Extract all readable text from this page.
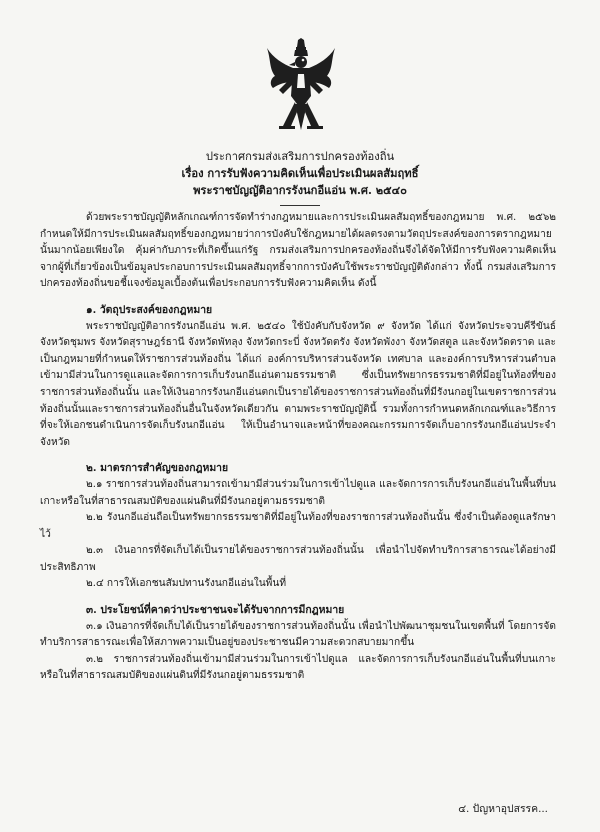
ประกาศกรมส่งเสริมการปกครองท้องถิ่น
เรื่อง การรับฟังความคิดเห็นเพื่อประเมินผลสัมฤทธิ์
พระราชบัญญัติอากรรังนกอีแอ่น พ.ศ. ๒๕๔๐

ด้วยพระราชบัญญัติหลักเกณฑ์การจัดทำร่างกฎหมายและการประเมินผลสัมฤทธิ์ของกฎหมาย พ.ศ. ๒๕๖๒ กำหนดให้มีการประเมินผลสัมฤทธิ์ของกฎหมายว่าการบังคับใช้กฎหมายได้ผลตรงตามวัตถุประสงค์ของการตรากฎหมายนั้นมากน้อยเพียงใด คุ้มค่ากับภาระที่เกิดขึ้นแก่รัฐ กรมส่งเสริมการปกครองท้องถิ่นจึงได้จัดให้มีการรับฟังความคิดเห็นจากผู้ที่เกี่ยวข้องเป็นข้อมูลประกอบการประเมินผลสัมฤทธิ์จากการบังคับใช้พระราชบัญญัติดังกล่าว ทั้งนี้ กรมส่งเสริมการปกครองท้องถิ่นขอชี้แจงข้อมูลเบื้องต้นเพื่อประกอบการรับฟังความคิดเห็น ดังนี้

๑. วัตถุประสงค์ของกฎหมาย

พระราชบัญญัติอากรรังนกอีแอ่น พ.ศ. ๒๕๔๐ ใช้บังคับกับจังหวัด ๙ จังหวัด ได้แก่ จังหวัดประจวบคีรีขันธ์ จังหวัดชุมพร จังหวัดสุราษฎร์ธานี จังหวัดพัทลุง จังหวัดกระบี่ จังหวัดตรัง จังหวัดพังงา จังหวัดสตูล และจังหวัดตราด และเป็นกฎหมายที่กำหนดให้ราชการส่วนท้องถิ่น ได้แก่ องค์การบริหารส่วนจังหวัด เทศบาล และองค์การบริหารส่วนตำบล เข้ามามีส่วนในการดูแลและจัดการการเก็บรังนกอีแอ่นตามธรรมชาติ ซึ่งเป็นทรัพยากรธรรมชาติที่มีอยู่ในท้องที่ของราชการส่วนท้องถิ่นนั้น และให้เงินอากรรังนกอีแอ่นตกเป็นรายได้ของราชการส่วนท้องถิ่นที่มีรังนกอยู่ในเขตราชการส่วนท้องถิ่นนั้นและราชการส่วนท้องถิ่นอื่นในจังหวัดเดียวกัน ตามพระราชบัญญัตินี้ รวมทั้งการกำหนดหลักเกณฑ์และวิธีการที่จะให้เอกชนดำเนินการจัดเก็บรังนกอีแอ่น ให้เป็นอำนาจและหน้าที่ของคณะกรรมการจัดเก็บอากรรังนกอีแอ่นประจำจังหวัด

๒. มาตรการสำคัญของกฎหมาย

๒.๑ ราชการส่วนท้องถิ่นสามารถเข้ามามีส่วนร่วมในการเข้าไปดูแล และจัดการการเก็บรังนกอีแอ่นในพื้นที่บนเกาะหรือในที่สาธารณสมบัติของแผ่นดินที่มีรังนกอยู่ตามธรรมชาติ

๒.๒ รังนกอีแอ่นถือเป็นทรัพยากรธรรมชาติที่มีอยู่ในท้องที่ของราชการส่วนท้องถิ่นนั้น ซึ่งจำเป็นต้องดูแลรักษาไว้

๒.๓ เงินอากรที่จัดเก็บได้เป็นรายได้ของราชการส่วนท้องถิ่นนั้น เพื่อนำไปจัดทำบริการสาธารณะได้อย่างมีประสิทธิภาพ

๒.๔ การให้เอกชนสัมปทานรังนกอีแอ่นในพื้นที่

๓. ประโยชน์ที่คาดว่าประชาชนจะได้รับจากการมีกฎหมาย

๓.๑ เงินอากรที่จัดเก็บได้เป็นรายได้ของราชการส่วนท้องถิ่นนั้น เพื่อนำไปพัฒนาชุมชนในเขตพื้นที่ โดยการจัดทำบริการสาธารณะเพื่อให้สภาพความเป็นอยู่ของประชาชนมีความสะดวกสบายมากขึ้น

๓.๒ ราชการส่วนท้องถิ่นเข้ามามีส่วนร่วมในการเข้าไปดูแล และจัดการการเก็บรังนกอีแอ่นในพื้นที่บนเกาะหรือในที่สาธารณสมบัติของแผ่นดินที่มีรังนกอยู่ตามธรรมชาติ

๔. ปัญหาอุปสรรค...
